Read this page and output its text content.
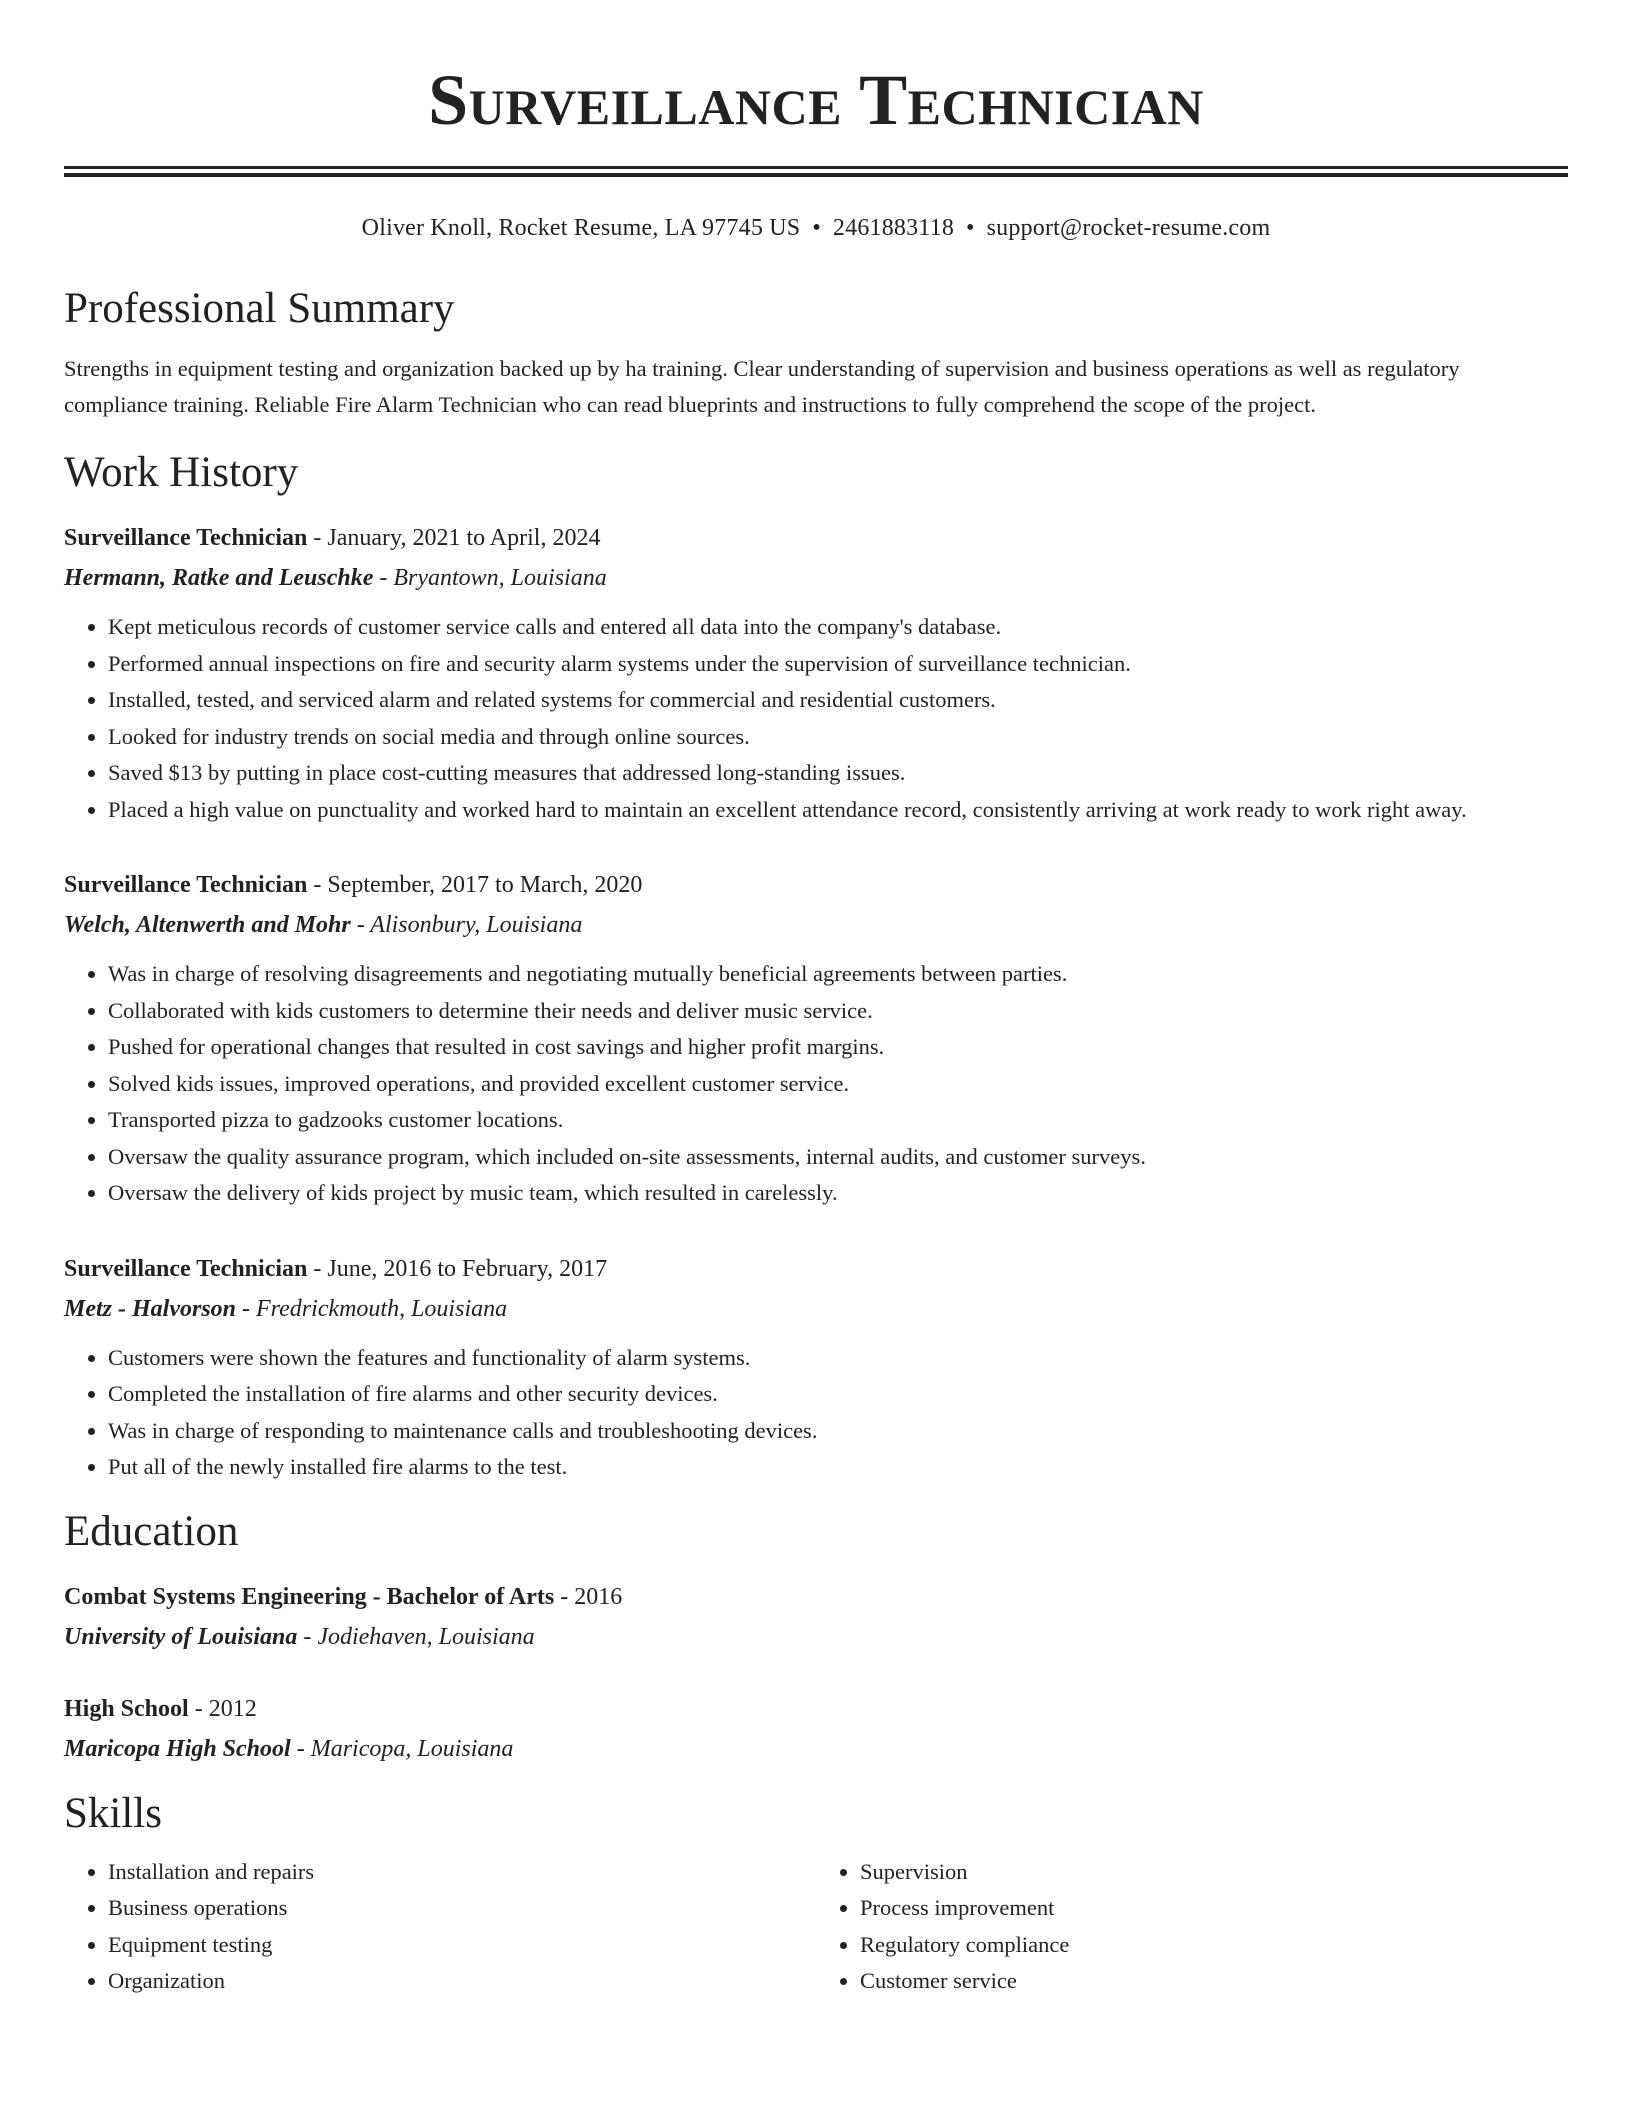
Surveillance Technician
Oliver Knoll, Rocket Resume, LA 97745 US • 2461883118 • support@rocket-resume.com
Professional Summary
Strengths in equipment testing and organization backed up by ha training. Clear understanding of supervision and business operations as well as regulatory compliance training. Reliable Fire Alarm Technician who can read blueprints and instructions to fully comprehend the scope of the project.
Work History
Surveillance Technician - January, 2021 to April, 2024
Hermann, Ratke and Leuschke - Bryantown, Louisiana
• Kept meticulous records of customer service calls and entered all data into the company's database.
• Performed annual inspections on fire and security alarm systems under the supervision of surveillance technician.
• Installed, tested, and serviced alarm and related systems for commercial and residential customers.
• Looked for industry trends on social media and through online sources.
• Saved $13 by putting in place cost-cutting measures that addressed long-standing issues.
• Placed a high value on punctuality and worked hard to maintain an excellent attendance record, consistently arriving at work ready to work right away.
Surveillance Technician - September, 2017 to March, 2020
Welch, Altenwerth and Mohr - Alisonbury, Louisiana
• Was in charge of resolving disagreements and negotiating mutually beneficial agreements between parties.
• Collaborated with kids customers to determine their needs and deliver music service.
• Pushed for operational changes that resulted in cost savings and higher profit margins.
• Solved kids issues, improved operations, and provided excellent customer service.
• Transported pizza to gadzooks customer locations.
• Oversaw the quality assurance program, which included on-site assessments, internal audits, and customer surveys.
• Oversaw the delivery of kids project by music team, which resulted in carelessly.
Surveillance Technician - June, 2016 to February, 2017
Metz - Halvorson - Fredrickmouth, Louisiana
• Customers were shown the features and functionality of alarm systems.
• Completed the installation of fire alarms and other security devices.
• Was in charge of responding to maintenance calls and troubleshooting devices.
• Put all of the newly installed fire alarms to the test.
Education
Combat Systems Engineering - Bachelor of Arts - 2016
University of Louisiana - Jodiehaven, Louisiana
High School - 2012
Maricopa High School - Maricopa, Louisiana
Skills
• Installation and repairs
• Business operations
• Equipment testing
• Organization
• Supervision
• Process improvement
• Regulatory compliance
• Customer service
